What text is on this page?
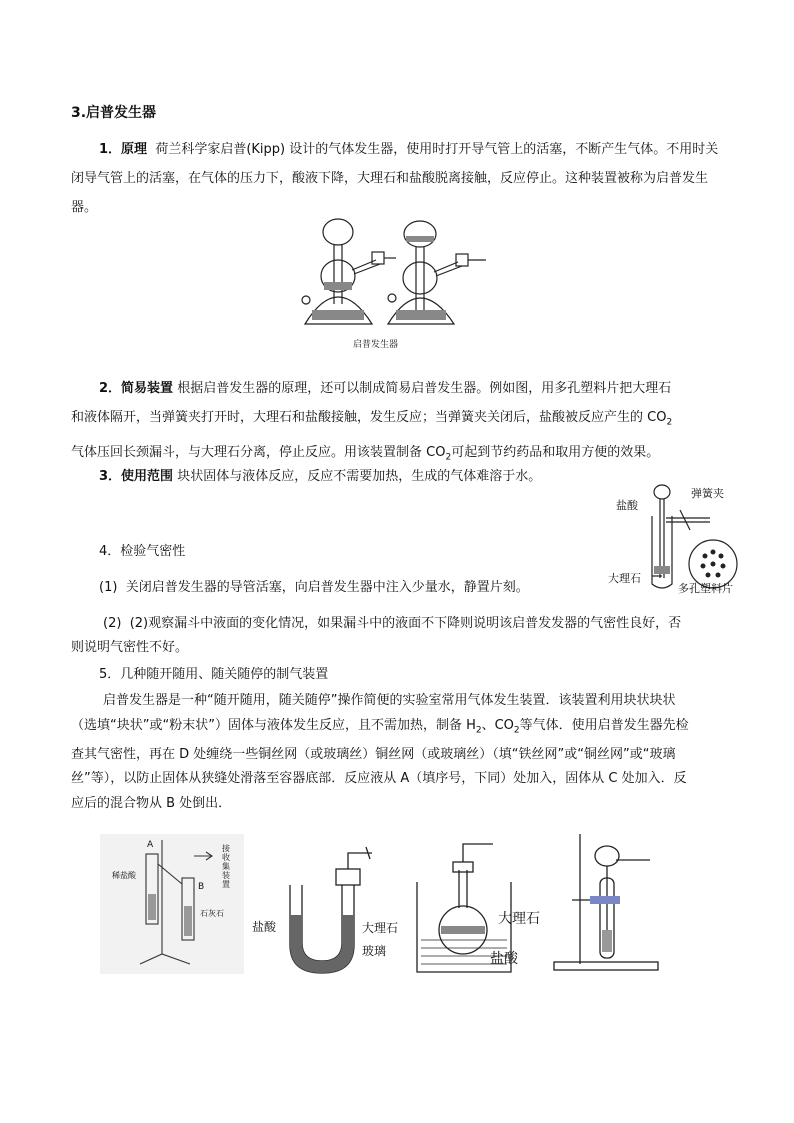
3.启普发生器
1．原理 荷兰科学家启普(Kipp) 设计的气体发生器，使用时打开导气管上的活塞，不断产生气体。不用时关闭导气管上的活塞，在气体的压力下，酸液下降，大理石和盐酸脱离接触，反应停止。这种装置被称为启普发生器。
启普发生器
2．简易装置 根据启普发生器的原理，还可以制成简易启普发生器。例如图，用多孔塑料片把大理石
和液体隔开，当弹簧夹打开时，大理石和盐酸接触，发生反应；当弹簧夹关闭后，盐酸被反应产生的 $CO_2$
气体压回长颈漏斗，与大理石分离，停止反应。用该装置制备 $CO_2$可起到节约药品和取用方便的效果。
3．使用范围 块状固体与液体反应，反应不需要加热，生成的气体难溶于水。
盐酸
弹簧夹
大理石
多孔塑料片
4．检验气密性
(1) 关闭启普发生器的导管活塞，向启普发生器中注入少量水，静置片刻。
(2) (2)观察漏斗中液面的变化情况，如果漏斗中的液面不下降则说明该启普发发器的气密性良好，否
则说明气密性不好。
5．几种随开随用、随关随停的制气装置
启普发生器是一种“随开随用，随关随停”操作简便的实验室常用气体发生装置．该装置利用块状块状
（选填“块状”或“粉末状”）固体与液体发生反应，且不需加热，制备 $H_2$、$CO_2$等气体．使用启普发生器先检
查其气密性，再在 D 处缠绕一些铜丝网（或玻璃丝）铜丝网（或玻璃丝）（填“铁丝网”或“铜丝网”或“玻璃
丝”等），以防止固体从狭缝处滑落至容器底部．反应液从 A（填序号，下同）处加入，固体从 C 处加入．反
应后的混合物从 B 处倒出．
A
B
稀盐酸
石灰石
接收集装置
盐酸	大理石
玻璃
大理石
盐酸
